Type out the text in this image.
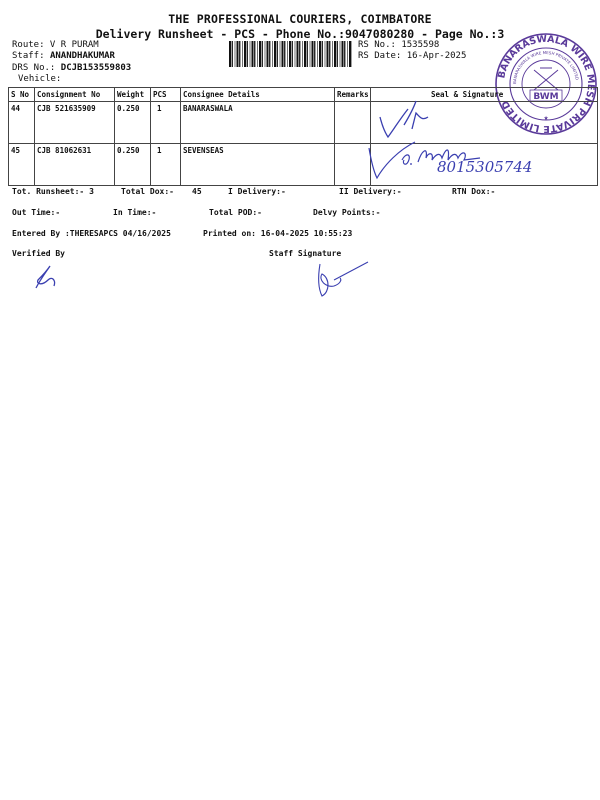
THE PROFESSIONAL COURIERS, COIMBATORE
Delivery Runsheet - PCS - Phone No.:9047080280 - Page No.:3
Route: V R PURAM
Staff: ANANDHAKUMAR
DRS No.: DCJB153559803
Vehicle:
RS No.: 1535598
RS Date: 16-Apr-2025
BANARASWALA WIRE MESH PRIVATE LIMITED
BANARASWALA WIRE MESH PRIVATE LIMITED
BWM
★
S No	Consignment No	Weight	PCS	Consignee Details	Remarks	Seal & Signature
44	CJB 521635909	0.250	1	BANARASWALA		
45	CJB 81062631	0.250	1	SEVENSEAS		
8015305744
Tot. Runsheet:- 3	Total Dox:- 45	I Delivery:-	II Delivery:-	RTN Dox:-
Out Time:-	In Time:-	Total POD:-	Delvy Points:-
Entered By :THERESAPCS 04/16/2025	Printed on: 16-04-2025 10:55:23
Verified By	Staff Signature
